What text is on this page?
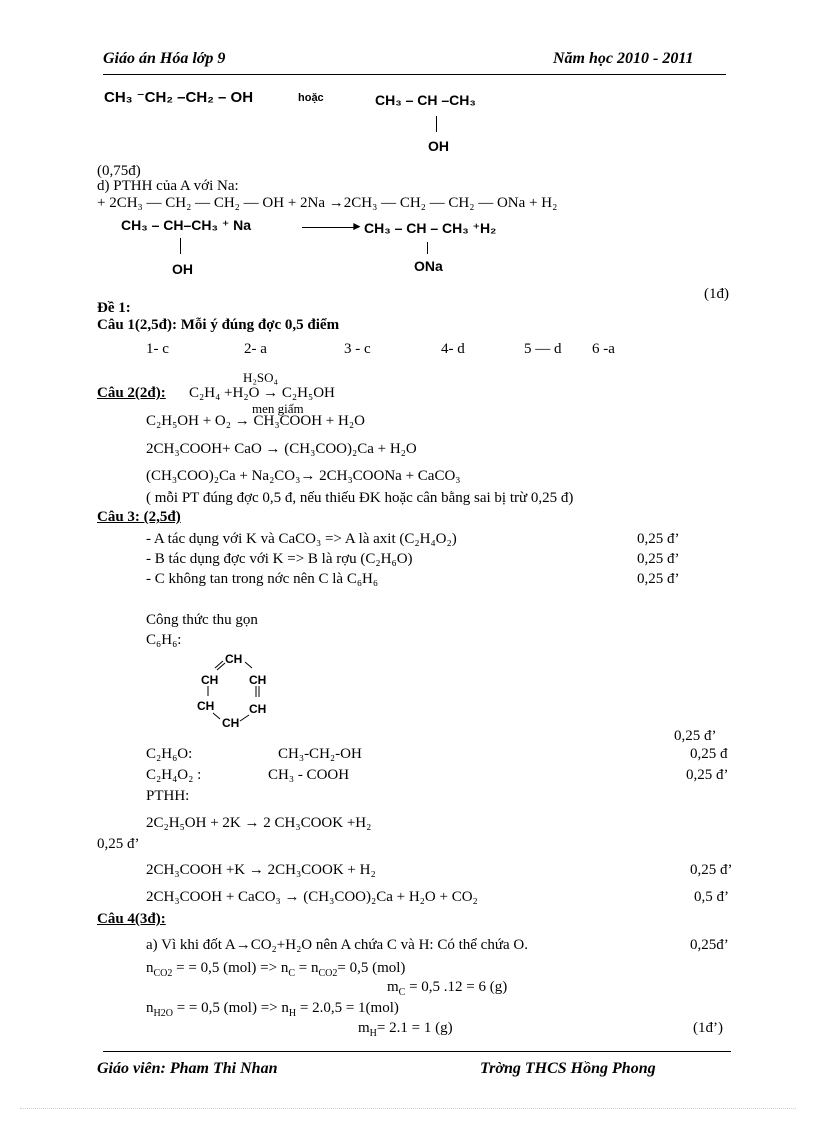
Giáo án Hóa lớp 9	Năm học 2010 - 2011
CH₃ ⁻CH₂ –CH₂ – OH	hoặc	CH₃ – CH –CH₃
OH
(0,75đ)
d) PTHH của A với Na:
+ 2CH₃ — CH₂ — CH₂ — OH + 2Na →2CH₃ — CH₂ — CH₂ — ONa + H₂
CH₃ – CH–CH₃ ⁺ Na	► CH₃ – CH – CH₃ ⁺H₂
OH	ONa
(1đ)
Đề 1:
Câu 1(2,5đ): Mỗi ý đúng đợc 0,5 điểm
1- c	2- a	3 - c	4- d	5 — d 6 -a
H₂SO₄
Câu 2(2đ): C₂H₄ +H₂O → C₂H₅OH
men giấm
C₂H₅OH + O₂ → CH₃COOH + H₂O
2CH₃COOH+ CaO → (CH₃COO)₂Ca + H₂O
(CH₃COO)₂Ca + Na₂CO₃→ 2CH₃COONa + CaCO₃
( mỗi PT đúng đợc 0,5 đ, nếu thiếu ĐK hoặc cân bằng sai bị trừ 0,25 đ)
Câu 3: (2,5đ)
- A tác dụng với K và CaCO₃ => A là axit (C₂H₄O₂)	0,25 đ’
- B tác dụng đợc với K => B là rợu (C₂H₆O)	0,25 đ’
- C không tan trong nớc nên C là C₆H₆	0,25 đ’
Công thức thu gọn
C₆H₆:
CH
CH	CH
CH	CH
CH
0,25 đ’
C₂H₆O:	CH₃-CH₂-OH	0,25 đ
C₂H₄O₂ :	CH₃ - COOH	0,25 đ’
PTHH:
2C₂H₅OH + 2K → 2 CH₃COOK +H₂
0,25 đ’
2CH₃COOH +K → 2CH₃COOK + H₂	0,25 đ’
2CH₃COOH + CaCO₃ → (CH₃COO)₂Ca + H₂O + CO₂	0,5 đ’
Câu 4(3đ):
a) Vì khi đốt A→CO₂+H₂O nên A chứa C và H: Có thể chứa O.	0,25đ’
$n_{CO2}$ = = 0,5 $(mol) => n_C = n_{CO2}= 0,5$ (mol)
$m_C = 0,5$ .12 = 6 (g)
$n_{H2O}$ = = 0,5 $(mol) => n_H = 2.0,5 = 1(mol)$
$m_H= 2.1 = 1$ (g)	(1đ’)
Giáo viên: Pham Thi Nhan	Trờng THCS Hồng Phong
